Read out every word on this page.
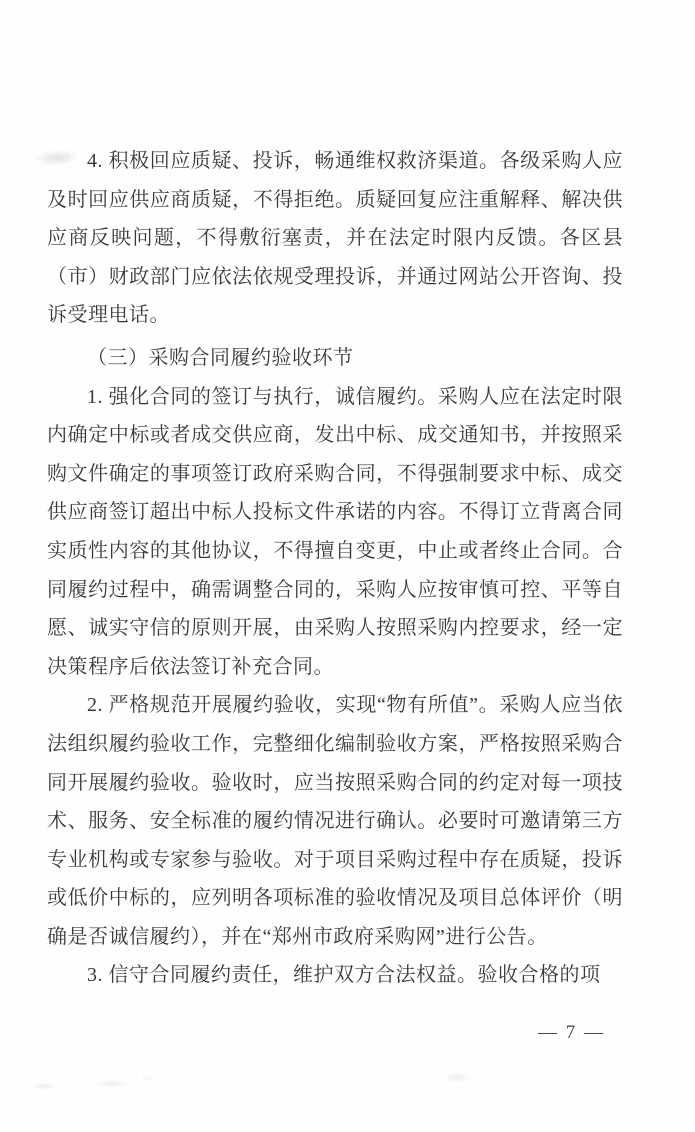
4. 积极回应质疑、投诉，畅通维权救济渠道。各级采购人应及时回应供应商质疑，不得拒绝。质疑回复应注重解释、解决供应商反映问题，不得敷衍塞责，并在法定时限内反馈。各区县（市）财政部门应依法依规受理投诉，并通过网站公开咨询、投诉受理电话。

（三）采购合同履约验收环节

1. 强化合同的签订与执行，诚信履约。采购人应在法定时限内确定中标或者成交供应商，发出中标、成交通知书，并按照采购文件确定的事项签订政府采购合同，不得强制要求中标、成交供应商签订超出中标人投标文件承诺的内容。不得订立背离合同实质性内容的其他协议，不得擅自变更，中止或者终止合同。合同履约过程中，确需调整合同的，采购人应按审慎可控、平等自愿、诚实守信的原则开展，由采购人按照采购内控要求，经一定决策程序后依法签订补充合同。

2. 严格规范开展履约验收，实现“物有所值”。采购人应当依法组织履约验收工作，完整细化编制验收方案，严格按照采购合同开展履约验收。验收时，应当按照采购合同的约定对每一项技术、服务、安全标准的履约情况进行确认。必要时可邀请第三方专业机构或专家参与验收。对于项目采购过程中存在质疑，投诉或低价中标的，应列明各项标准的验收情况及项目总体评价（明确是否诚信履约），并在“郑州市政府采购网”进行公告。

3. 信守合同履约责任，维护双方合法权益。验收合格的项

— 7 —
